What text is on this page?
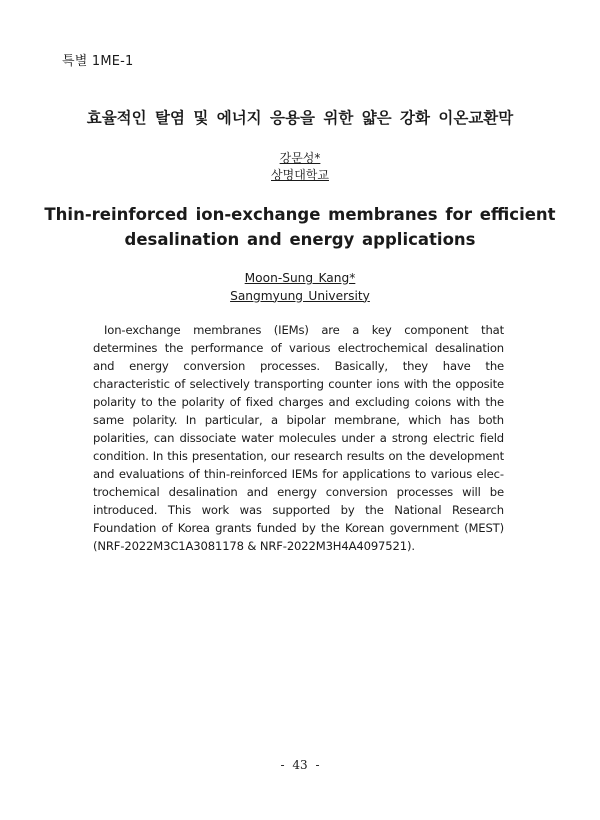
특별 1ME-1
효율적인 탈염 및 에너지 응용을 위한 얇은 강화 이온교환막
강문성*
상명대학교
Thin-reinforced ion-exchange membranes for efficient
desalination and energy applications
Moon-Sung Kang*
Sangmyung University

Ion-exchange membranes (IEMs) are a key component that determines the performance of various electrochemical desalination and energy conversion processes. Basically, they have the characteristic of selectively transporting counter ions with the opposite polarity to the polarity of fixed charges and excluding coions with the same polarity. In particular, a bipolar membrane, which has both polarities, can dissociate water molecules under a strong electric field condition. In this presentation, our research results on the development and evaluations of thin-reinforced IEMs for applications to various electrochemical desalination and energy conversion processes will be introduced. This work was supported by the National Research Foundation of Korea grants funded by the Korean government (MEST) (NRF-2022M3C1A3081178 & NRF-2022M3H4A4097521).

- 43 -
